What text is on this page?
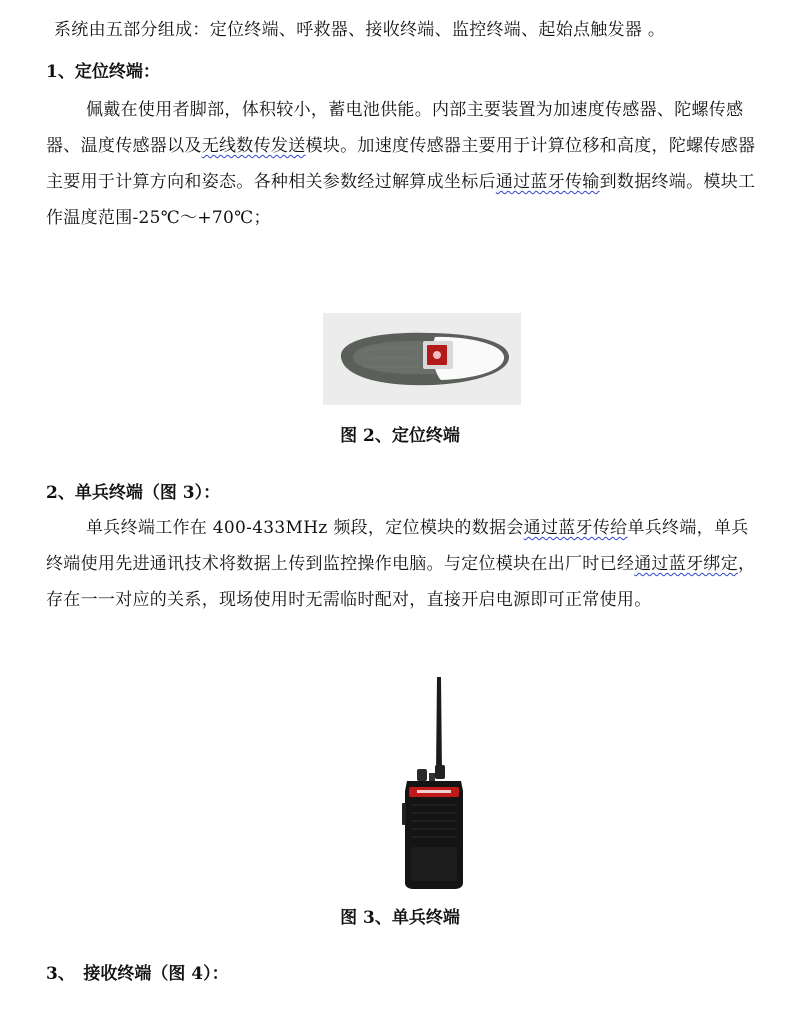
系统由五部分组成：定位终端、呼救器、接收终端、监控终端、起始点触发器 。

1、定位终端：

佩戴在使用者脚部，体积较小，蓄电池供能。内部主要装置为加速度传感器、陀螺传感器、温度传感器以及无线数传发送模块。加速度传感器主要用于计算位移和高度，陀螺传感器主要用于计算方向和姿态。各种相关参数经过解算成坐标后通过蓝牙传输到数据终端。模块工作温度范围-25℃～+70℃；

图 2、定位终端

2、单兵终端（图 3）：

单兵终端工作在 400-433MHz 频段，定位模块的数据会通过蓝牙传给单兵终端，单兵终端使用先进通讯技术将数据上传到监控操作电脑。与定位模块在出厂时已经通过蓝牙绑定，存在一一对应的关系，现场使用时无需临时配对，直接开启电源即可正常使用。

图 3、单兵终端

3、　接收终端（图 4）：
